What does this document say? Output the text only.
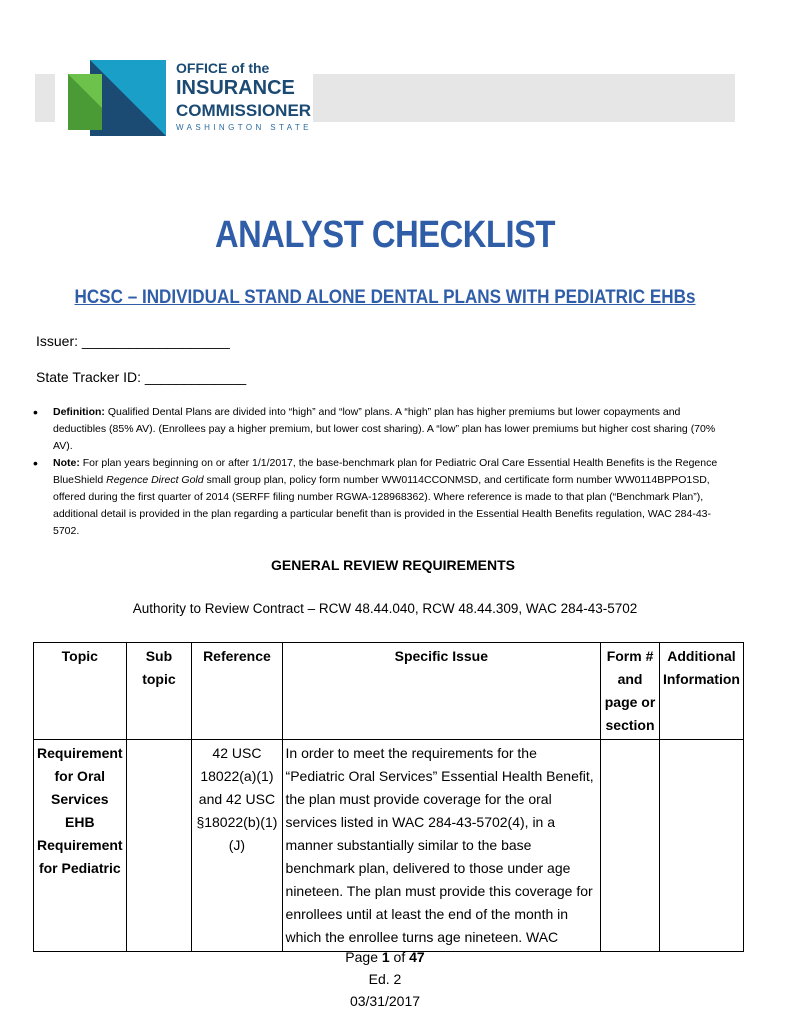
OFFICE of the
INSURANCE
COMMISSIONER
WASHINGTON STATE
ANALYST CHECKLIST
HCSC – INDIVIDUAL STAND ALONE DENTAL PLANS WITH PEDIATRIC EHBs
Issuer: ___________________
State Tracker ID: _____________

• Definition: Qualified Dental Plans are divided into “high” and “low” plans. A “high” plan has higher premiums but lower copayments and deductibles (85% AV). (Enrollees pay a higher premium, but lower cost sharing). A “low” plan has lower premiums but higher cost sharing (70% AV).

• Note: For plan years beginning on or after 1/1/2017, the base-benchmark plan for Pediatric Oral Care Essential Health Benefits is the Regence BlueShield Regence Direct Gold small group plan, policy form number WW0114CCONMSD, and certificate form number WW0114BPPO1SD, offered during the first quarter of 2014 (SERFF filing number RGWA-128968362). Where reference is made to that plan (“Benchmark Plan”), additional detail is provided in the plan regarding a particular benefit than is provided in the Essential Health Benefits regulation, WAC 284-43-5702.

GENERAL REVIEW REQUIREMENTS
Authority to Review Contract – RCW 48.44.040, RCW 48.44.309, WAC 284-43-5702
Topic	Sub topic	Reference	Specific Issue	Form # and page or section	Additional Information
Requirement for Oral Services EHB Requirement for Pediatric		42 USC 18022(a)(1) and 42 USC §18022(b)(1)(J)	In order to meet the requirements for the “Pediatric Oral Services” Essential Health Benefit, the plan must provide coverage for the oral services listed in WAC 284-43-5702(4), in a manner substantially similar to the base benchmark plan, delivered to those under age nineteen. The plan must provide this coverage for enrollees until at least the end of the month in which the enrollee turns age nineteen. WAC		
Page 1 of 47
Ed. 2
03/31/2017
